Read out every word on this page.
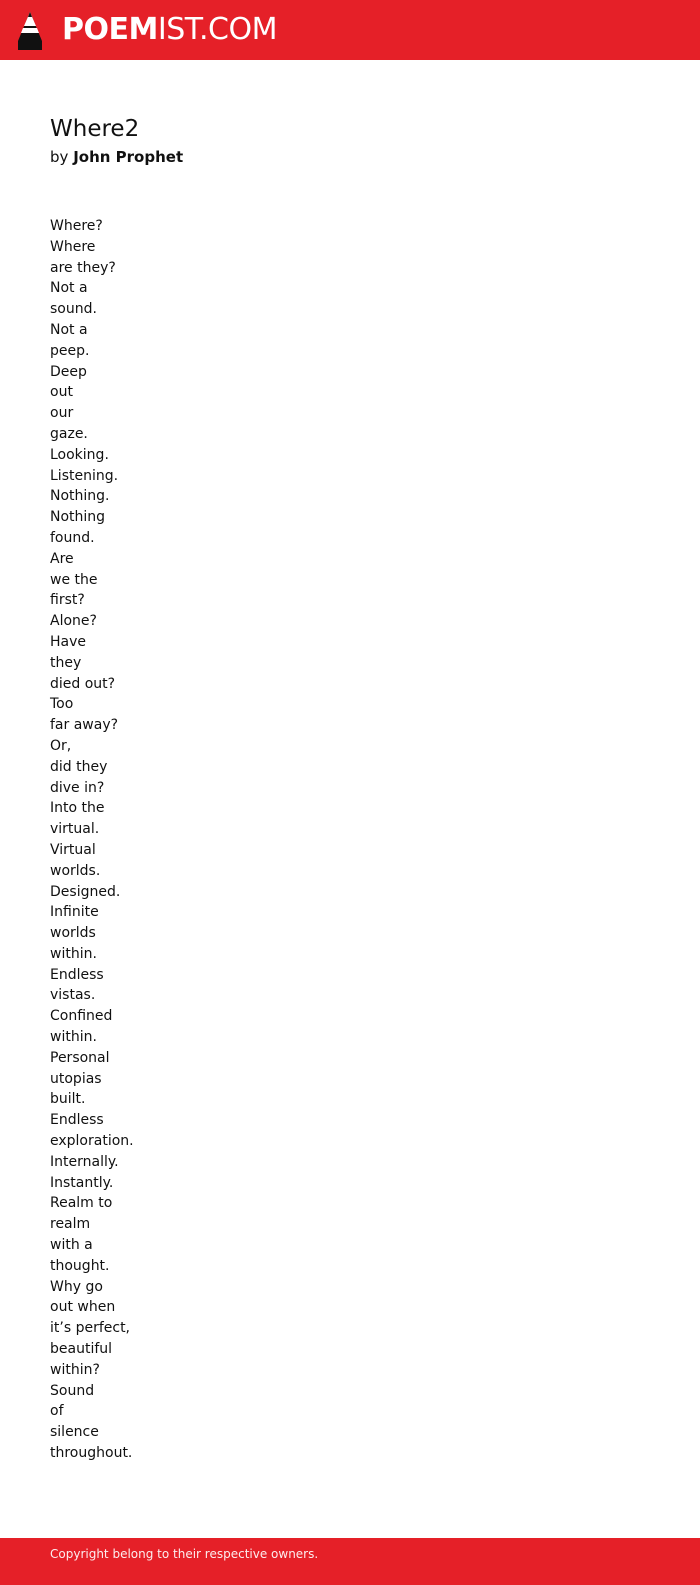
POEMIST.COM
Where2
by John Prophet
Where?
Where
are they?
Not a
sound.
Not a
peep.
Deep
out
our
gaze.
Looking.
Listening.
Nothing.
Nothing
found.
Are
we the
first?
Alone?
Have
they
died out?
Too
far away?
Or,
did they
dive in?
Into the
virtual.
Virtual
worlds.
Designed.
Infinite
worlds
within.
Endless
vistas.
Confined
within.
Personal
utopias
built.
Endless
exploration.
Internally.
Instantly.
Realm to
realm
with a
thought.
Why go
out when
it’s perfect,
beautiful
within?
Sound
of
silence
throughout.
Copyright belong to their respective owners.
